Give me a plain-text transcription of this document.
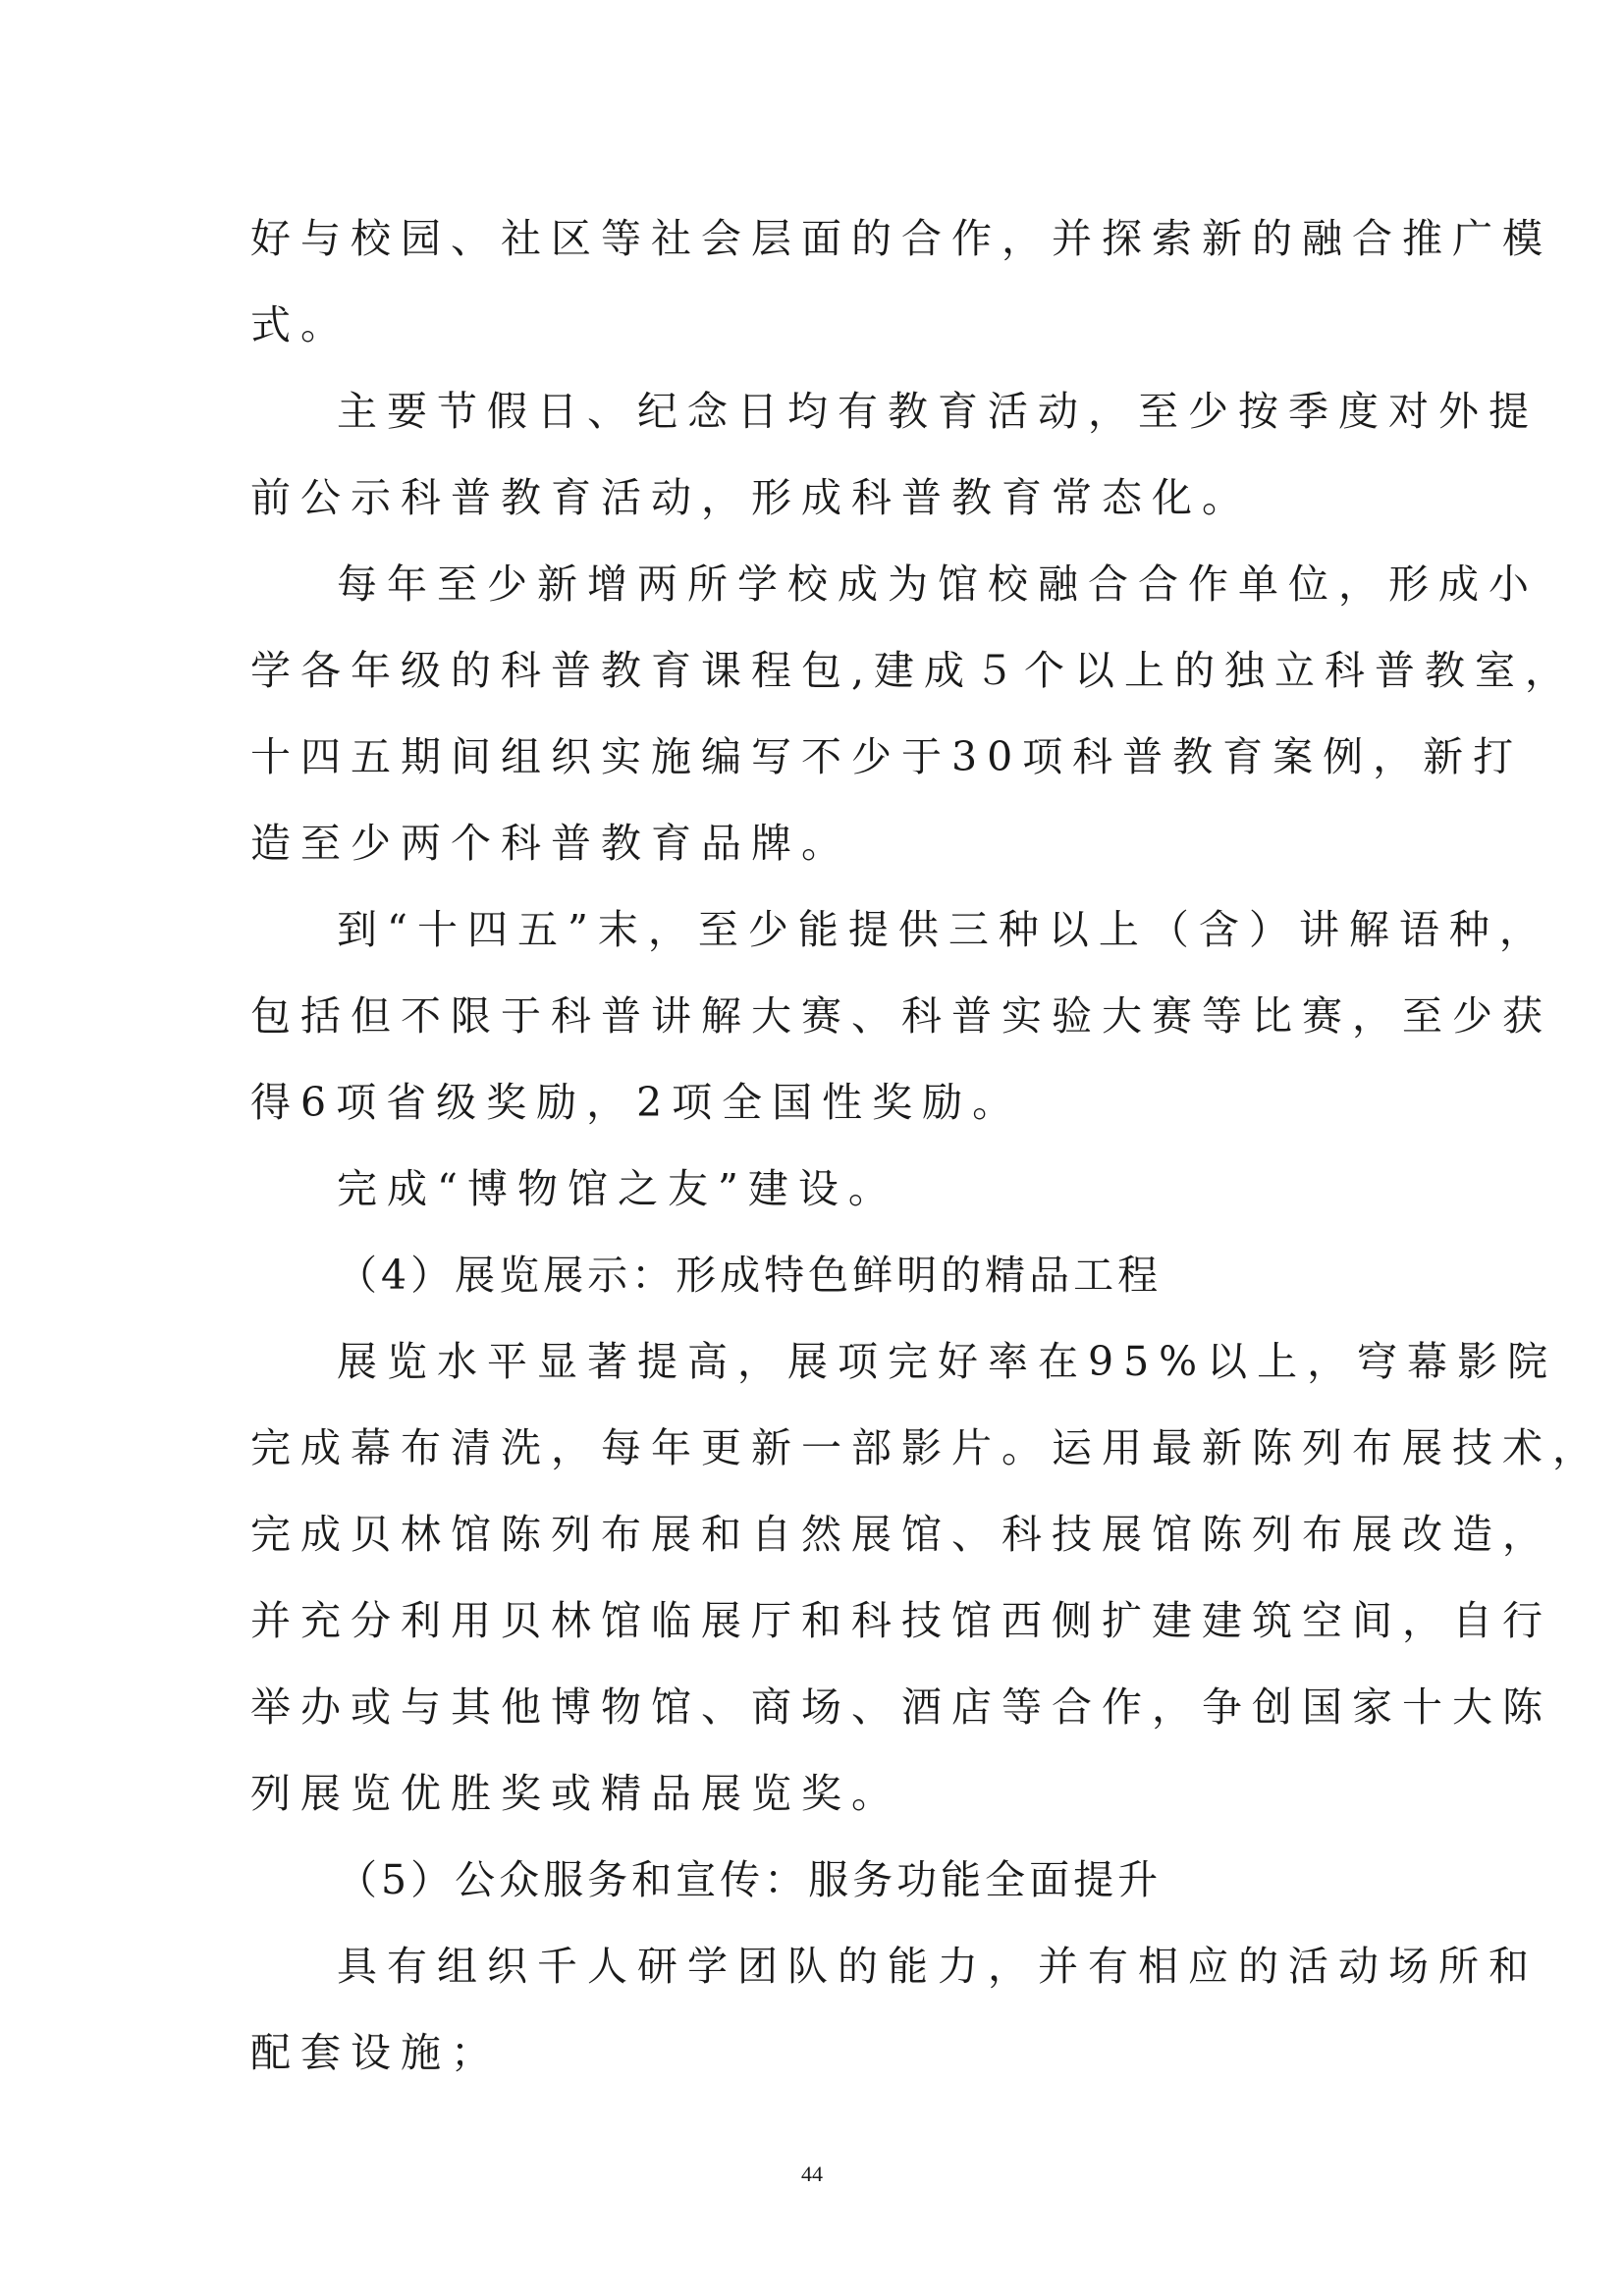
好与校园、社区等社会层面的合作，并探索新的融合推广模
式。
主要节假日、纪念日均有教育活动，至少按季度对外提
前公示科普教育活动，形成科普教育常态化。
每年至少新增两所学校成为馆校融合合作单位，形成小
学各年级的科普教育课程包,建成５个以上的独立科普教室，
十四五期间组织实施编写不少于30项科普教育案例，新打
造至少两个科普教育品牌。
到“十四五”末，至少能提供三种以上（含）讲解语种，
包括但不限于科普讲解大赛、科普实验大赛等比赛，至少获
得6项省级奖励，2项全国性奖励。
完成“博物馆之友”建设。
（4）展览展示：形成特色鲜明的精品工程
展览水平显著提高，展项完好率在95%以上，穹幕影院
完成幕布清洗，每年更新一部影片。运用最新陈列布展技术，
完成贝林馆陈列布展和自然展馆、科技展馆陈列布展改造，
并充分利用贝林馆临展厅和科技馆西侧扩建建筑空间，自行
举办或与其他博物馆、商场、酒店等合作，争创国家十大陈
列展览优胜奖或精品展览奖。
（5）公众服务和宣传：服务功能全面提升
具有组织千人研学团队的能力，并有相应的活动场所和
配套设施；
44
